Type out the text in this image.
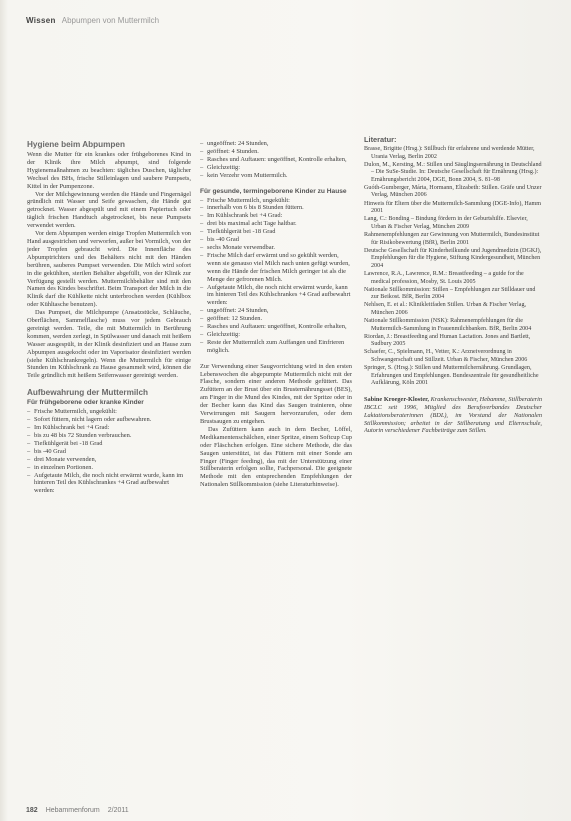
Wissen Abpumpen von Muttermilch
Hygiene beim Abpumpen

Wenn die Mutter für ein krankes oder frühgeborenes Kind in der Klinik ihre Milch abpumpt, sind folgende Hygienemaßnahmen zu beachten: tägliches Duschen, täglicher Wechsel des BHs, frische Stilleinlagen und saubere Pumpsets, Kittel in der Pumpenzone.

Vor der Milchgewinnung werden die Hände und Fingernägel gründlich mit Wasser und Seife gewaschen, die Hände gut getrocknet. Wasser abgespült und mit einem Papiertuch oder täglich frischen Handtuch abgetrocknet, bis neue Pumpsets verwendet werden.

Vor dem Abpumpen werden einige Tropfen Muttermilch von Hand ausgestrichen und verworfen, außer bei Vormilch, von der jeder Tropfen gebraucht wird. Die Innenfläche des Abpumptrichters und des Behälters nicht mit den Händen berühren, sauberes Pumpset verwenden. Die Milch wird sofort in die gekühlten, sterilen Behälter abgefüllt, von der Klinik zur Verfügung gestellt werden. Muttermilchbehälter sind mit den Namen des Kindes beschriftet. Beim Transport der Milch in die Klinik darf die Kühlkette nicht unterbrochen werden (Kühlbox oder Kühltasche benutzen).

Das Pumpset, die Milchpumpe (Ansatzstücke, Schläuche, Oberflächen, Sammelflasche) muss vor jedem Gebrauch gereinigt werden. Teile, die mit Muttermilch in Berührung kommen, werden zerlegt, in Spülwasser und danach mit heißem Wasser ausgespült, in der Klinik desinfiziert und an Hause zum Abpumpen ausgekocht oder im Vaporisator desinfiziert werden (siehe Kühlschrankregeln). Wenn die Muttermilch für einige Stunden im Kühlschrank zu Hause gesammelt wird, können die Teile gründlich mit heißem Seifenwasser gereinigt werden.

Aufbewahrung der Muttermilch
Für frühgeborene oder kranke Kinder
– Frische Muttermilch, ungekühlt:
– Sofort füttern, nicht lagern oder aufbewahren.
– Im Kühlschrank bei +4 Grad:
– bis zu 48 bis 72 Stunden verbrauchen.
– Tiefkühlgerät bei -18 Grad
– bis -40 Grad
– drei Monate verwenden,
– in einzelnen Portionen.
– Aufgetaute Milch, die noch nicht erwärmt wurde, kann im hinteren Teil des Kühlschrankes +4 Grad aufbewahrt werden:
– ungeöffnet: 24 Stunden,
– geöffnet: 4 Stunden.
– Rasches und Auftauen: ungeöffnet, Kontrolle erhalten,
– Gleichzeitig:
– kein Verzehr vom Muttermilch.
Für gesunde, termingeborene Kinder zu Hause
– Frische Muttermilch, ungekühlt:
– innerhalb von 6 bis 8 Stunden füttern.
– Im Kühlschrank bei +4 Grad:
– drei bis maximal acht Tage haltbar.
– Tiefkühlgerät bei -18 Grad
– bis -40 Grad
– sechs Monate verwendbar.
– Frische Milch darf erwärmt und so gekühlt werden, wenn sie genauso viel Milch nach unten gefügt wurden, wenn die Hände der frischen Milch geringer ist als die Menge der gefrorenen Milch.
– Aufgetaute Milch, die noch nicht erwärmt wurde, kann im hinteren Teil des Kühlschrankes +4 Grad aufbewahrt werden:
– ungeöffnet: 24 Stunden,
– geöffnet: 12 Stunden.
– Rasches und Auftauen: ungeöffnet, Kontrolle erhalten,
– Gleichzeitig:
– Reste der Muttermilch zum Auffangen und Einfrieren möglich.

Zur Verwendung einer Saugvorrichtung wird in den ersten Lebenswochen die abgepumpte Muttermilch nicht mit der Flasche, sondern einer anderen Methode gefüttert. Das Zufüttern an der Brust über ein Brusternährungsset (BES), am Finger in die Mund des Kindes, mit der Spritze oder in der Becher kann das Kind das Saugen trainieren, ohne Verwirrungen mit Saugern hervorzurufen, oder dem Brustsaugen zu entgehen.

Das Zufüttern kann auch in dem Becher, Löffel, Medikamentenschälchen, einer Spritze, einem Softcup Cup oder Fläschchen erfolgen. Eine sichere Methode, die das Saugen unterstützt, ist das Füttern mit einer Sonde am Finger (Finger feeding), das mit der Unterstützung einer Stillberaterin erfolgen sollte, Fachpersonal. Die geeignete Methode mit den entsprechenden Empfehlungen der Nationalen Stillkommission (siehe Literaturhinweise).

Literatur:
Brasse, Brigitte (Hrsg.): Stillbuch für erfahrene und werdende Mütter, Urania Verlag, Berlin 2002
Dulon, M., Kersting, M.: Stillen und Säuglingsernährung in Deutschland – Die SuSe-Studie. In: Deutsche Gesellschaft für Ernährung (Hrsg.): Ernährungsbericht 2004, DGE, Bonn 2004, S. 81–98
Guóth-Gumberger, Márta, Hormann, Elizabeth: Stillen. Gräfe und Unzer Verlag, München 2006
Hinweis für Eltern über die Muttermilch-Sammlung (DGE-Info), Hamm 2001
Lang, C.: Bonding – Bindung fördern in der Geburtshilfe. Elsevier, Urban & Fischer Verlag, München 2009
Rahmenempfehlungen zur Gewinnung von Muttermilch, Bundesinstitut für Risikobewertung (BfR), Berlin 2001
Deutsche Gesellschaft für Kinderheilkunde und Jugendmedizin (DGKJ), Empfehlungen für die Hygiene, Stiftung Kindergesundheit, München 2004
Lawrence, R.A., Lawrence, R.M.: Breastfeeding – a guide for the medical profession, Mosby, St. Louis 2005
Nationale Stillkommission: Stillen – Empfehlungen zur Stilldauer und zur Beikost. BfR, Berlin 2004
Nehlsen, E. et al.: Klinikleitfaden Stillen. Urban & Fischer Verlag, München 2006
Nationale Stillkommission (NSK): Rahmenempfehlungen für die Muttermilch-Sammlung in Frauenmilchbanken. BfR, Berlin 2004
Riordan, J.: Breastfeeding and Human Lactation. Jones and Bartlett, Sudbury 2005
Schaefer, C., Spielmann, H., Vetter, K.: Arzneiverordnung in Schwangerschaft und Stillzeit. Urban & Fischer, München 2006
Springer, S. (Hrsg.): Stillen und Muttermilchernährung. Grundlagen, Erfahrungen und Empfehlungen. Bundeszentrale für gesundheitliche Aufklärung, Köln 2001
Sabine Kroeger-Kloster, Krankenschwester, Hebamme, Stillberaterin IBCLC seit 1996, Mitglied des Berufsverbandes Deutscher Laktationsberaterinnen (BDL), im Vorstand der Nationalen Stillkommission; arbeitet in der Stillberatung und Elternschule, Autorin verschiedener Fachbeiträge zum Stillen.
182 Hebammenforum 2/2011
